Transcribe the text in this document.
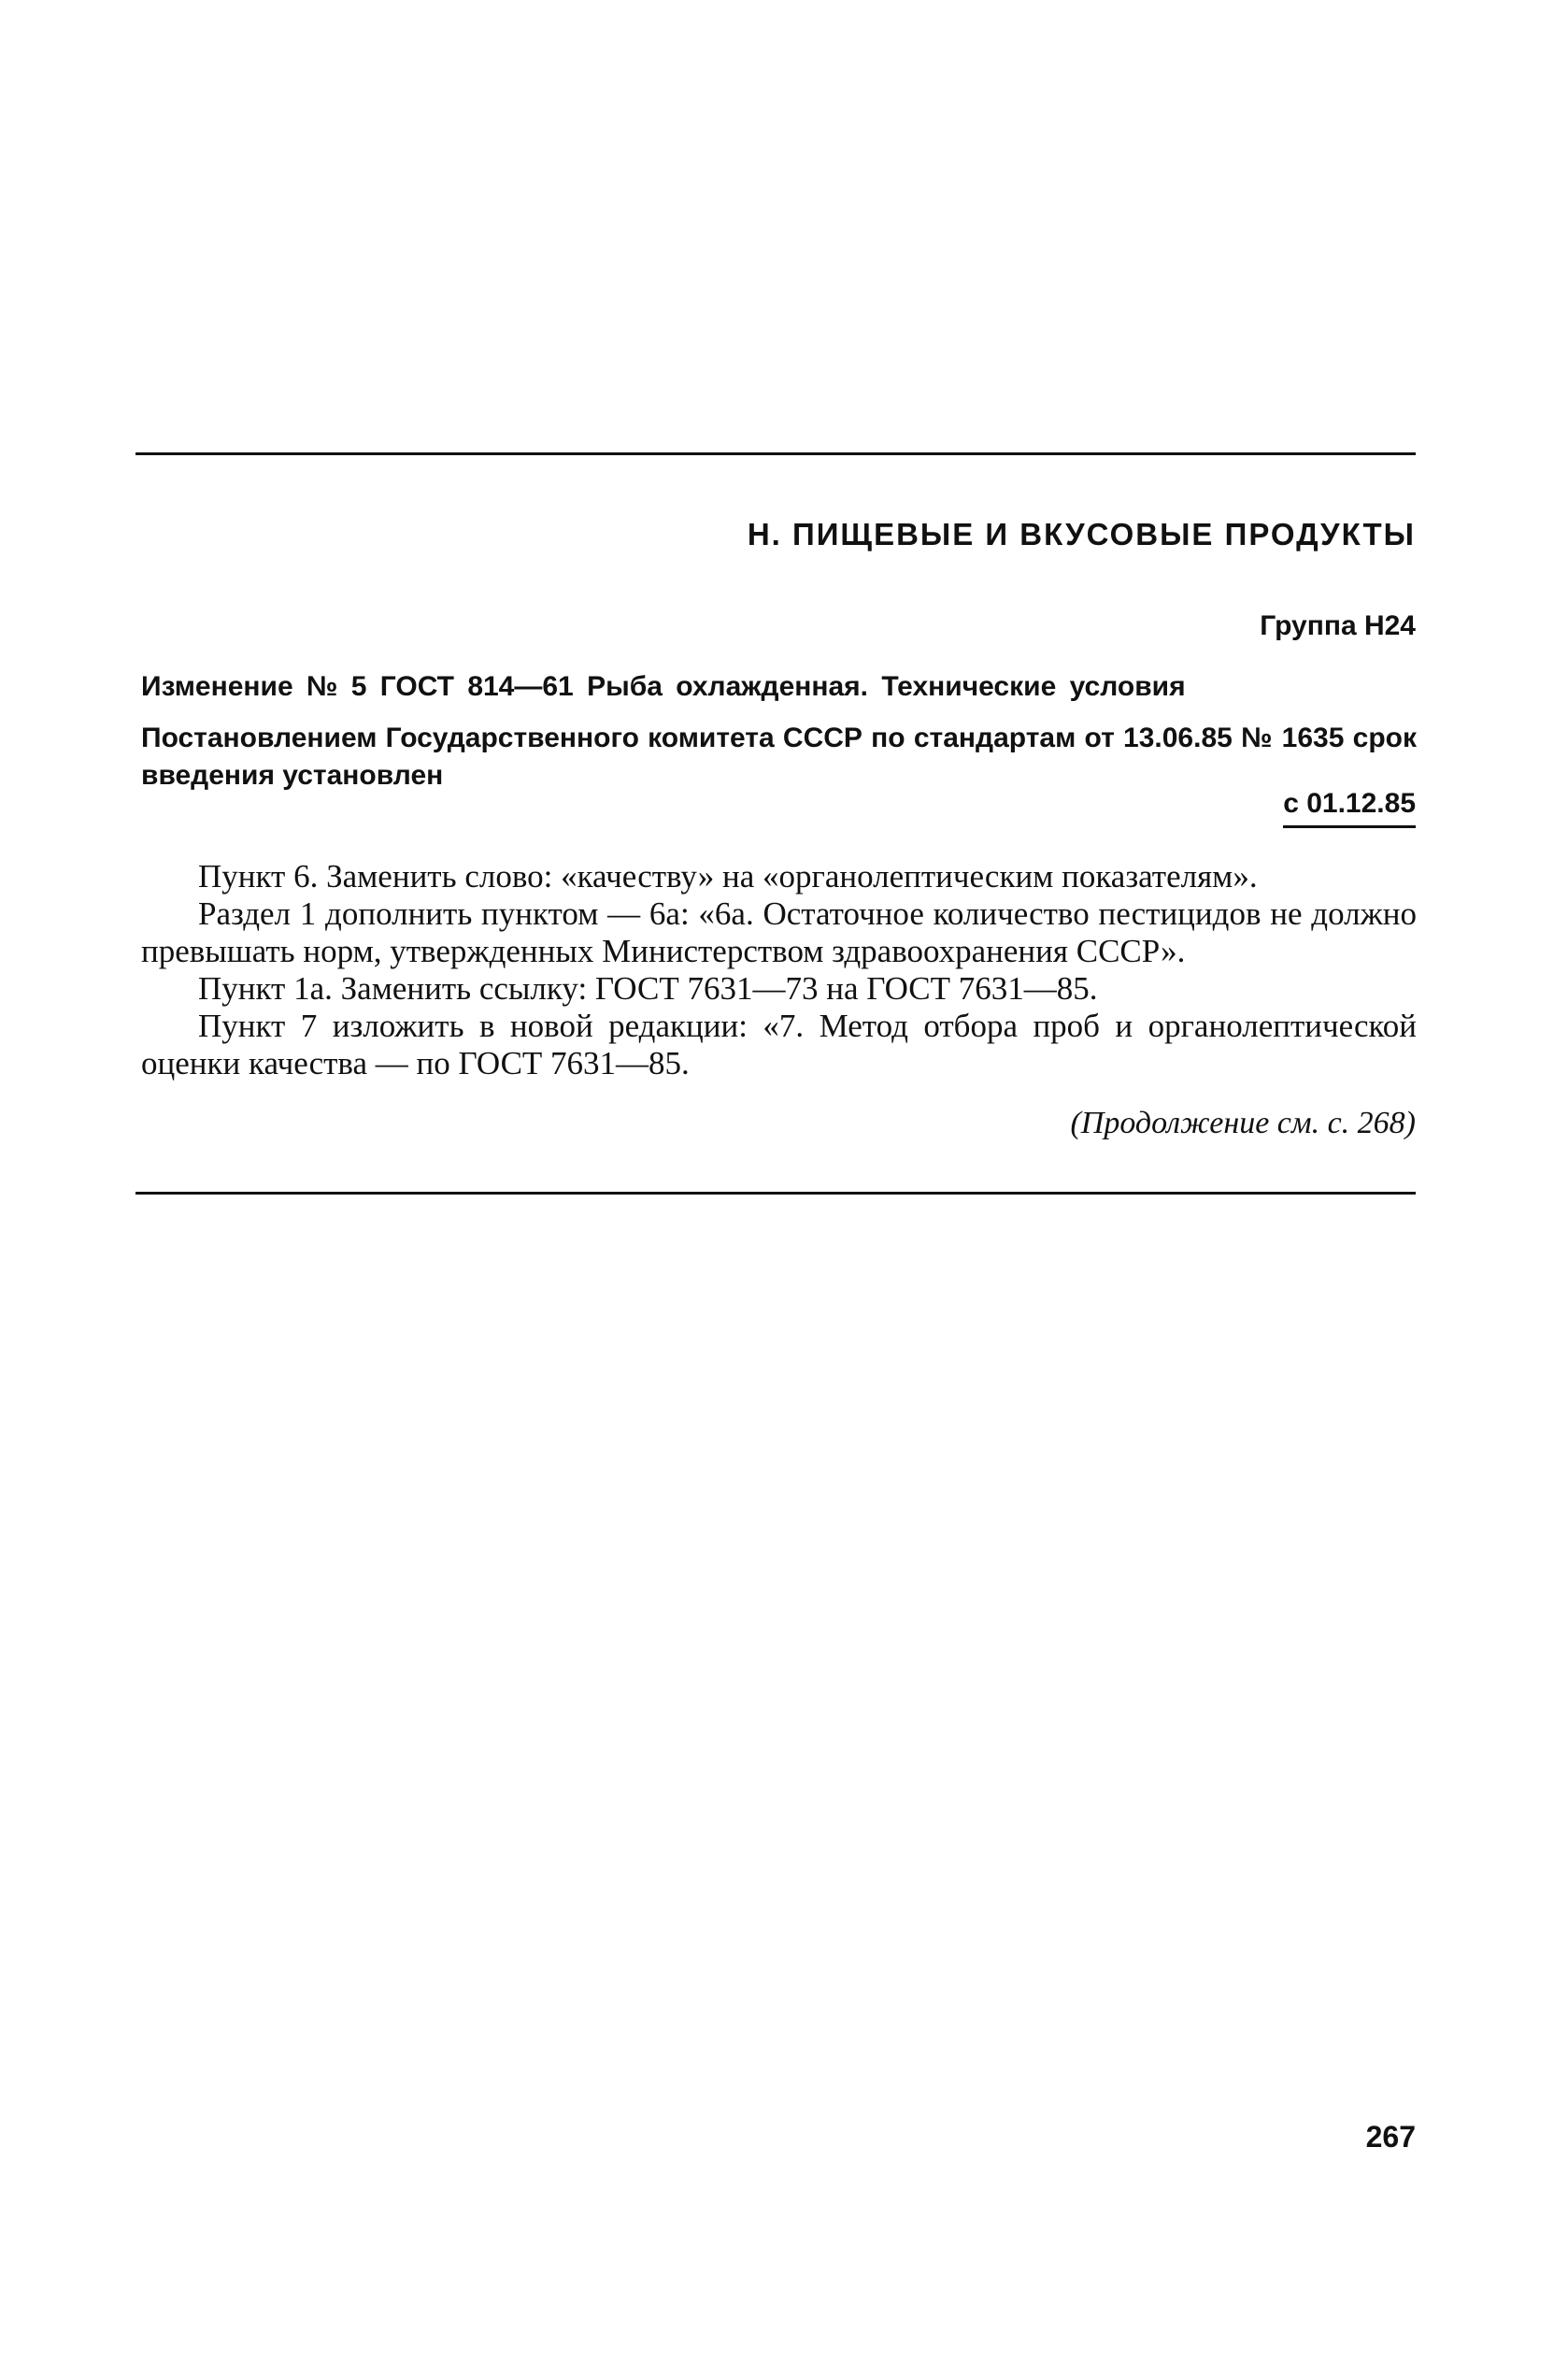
Н. ПИЩЕВЫЕ И ВКУСОВЫЕ ПРОДУКТЫ
Группа Н24
Изменение № 5 ГОСТ 814—61 Рыба охлажденная. Технические условия
Постановлением Государственного комитета СССР по стандартам от 13.06.85 № 1635 срок введения установлен
с 01.12.85

Пункт 6. Заменить слово: «качеству» на «органолептическим показателям».

Раздел 1 дополнить пунктом — 6а: «6а. Остаточное количество пестицидов не должно превышать норм, утвержденных Министерством здравоохранения СССР».

Пункт 1а. Заменить ссылку: ГОСТ 7631—73 на ГОСТ 7631—85.

Пункт 7 изложить в новой редакции: «7. Метод отбора проб и органолептической оценки качества — по ГОСТ 7631—85.

(Продолжение см. с. 268)
267
